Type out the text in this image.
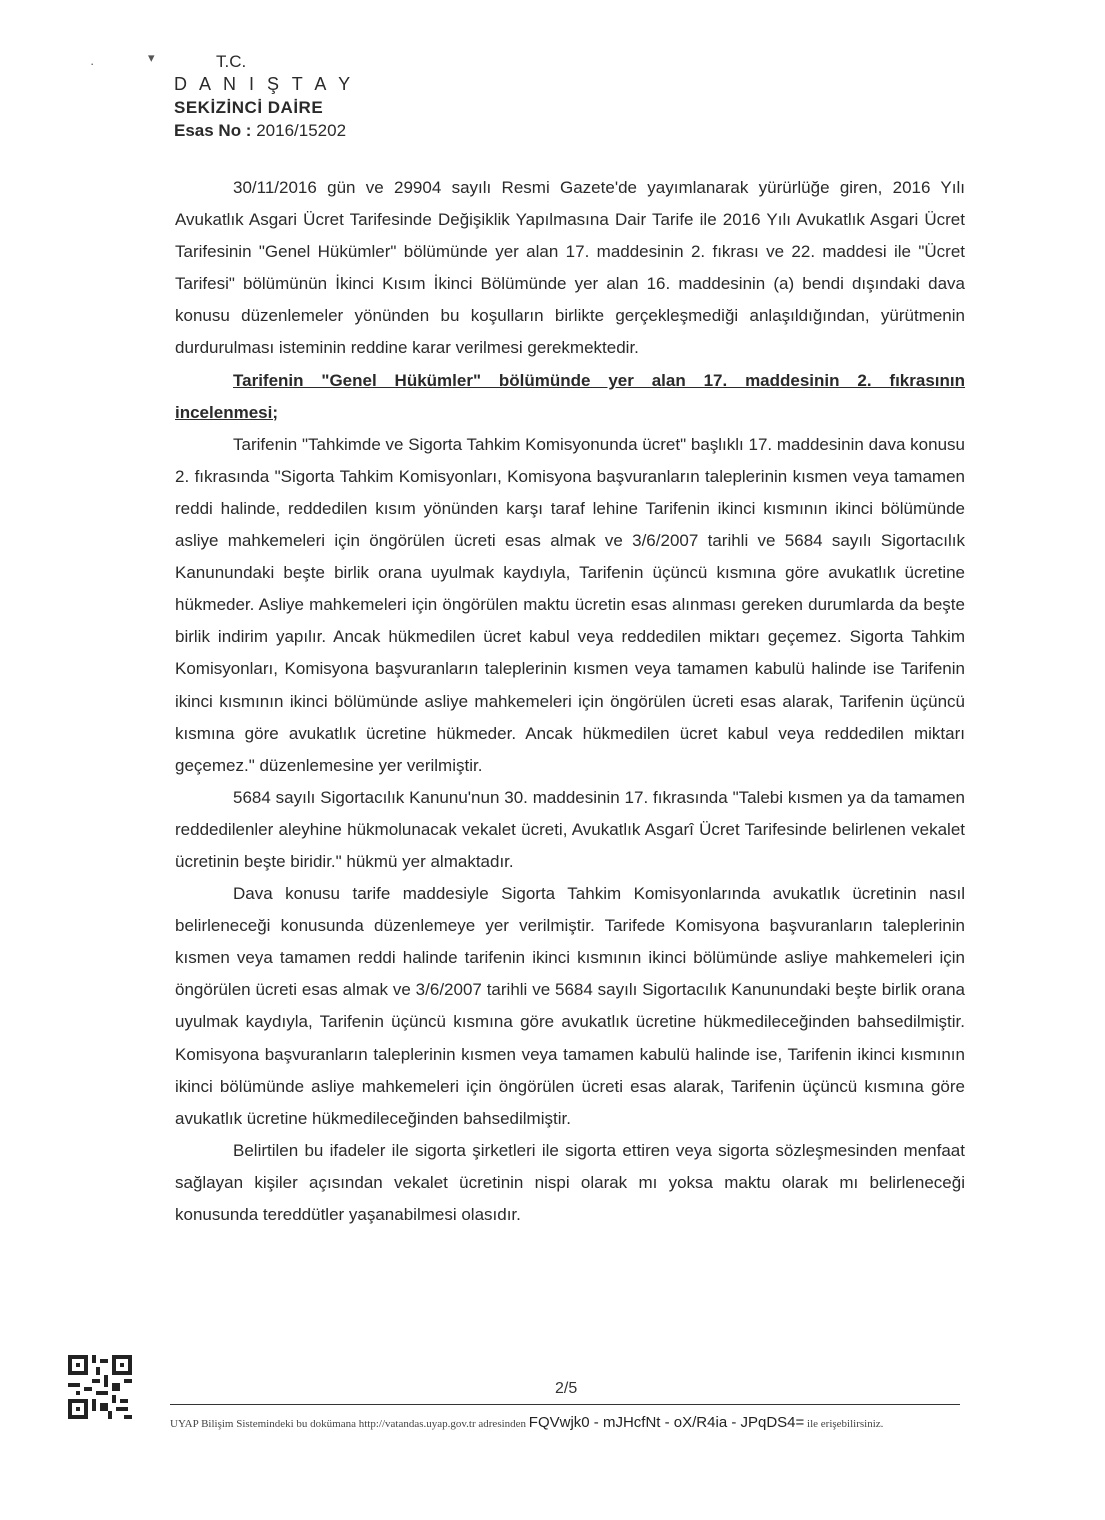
·	▾	T.C.
D A N I Ş T A Y
SEKİZİNCİ DAİRE
Esas No : 2016/15202

30/11/2016 gün ve 29904 sayılı Resmi Gazete'de yayımlanarak yürürlüğe giren, 2016 Yılı Avukatlık Asgari Ücret Tarifesinde Değişiklik Yapılmasına Dair Tarife ile 2016 Yılı Avukatlık Asgari Ücret Tarifesinin "Genel Hükümler" bölümünde yer alan 17. maddesinin 2. fıkrası ve 22. maddesi ile "Ücret Tarifesi" bölümünün İkinci Kısım İkinci Bölümünde yer alan 16. maddesinin (a) bendi dışındaki dava konusu düzenlemeler yönünden bu koşulların birlikte gerçekleşmediği anlaşıldığından, yürütmenin durdurulması isteminin reddine karar verilmesi gerekmektedir.

Tarifenin "Genel Hükümler" bölümünde yer alan 17. maddesinin 2. fıkrasının incelenmesi;

Tarifenin "Tahkimde ve Sigorta Tahkim Komisyonunda ücret" başlıklı 17. maddesinin dava konusu 2. fıkrasında "Sigorta Tahkim Komisyonları, Komisyona başvuranların taleplerinin kısmen veya tamamen reddi halinde, reddedilen kısım yönünden karşı taraf lehine Tarifenin ikinci kısmının ikinci bölümünde asliye mahkemeleri için öngörülen ücreti esas almak ve 3/6/2007 tarihli ve 5684 sayılı Sigortacılık Kanunundaki beşte birlik orana uyulmak kaydıyla, Tarifenin üçüncü kısmına göre avukatlık ücretine hükmeder. Asliye mahkemeleri için öngörülen maktu ücretin esas alınması gereken durumlarda da beşte birlik indirim yapılır. Ancak hükmedilen ücret kabul veya reddedilen miktarı geçemez. Sigorta Tahkim Komisyonları, Komisyona başvuranların taleplerinin kısmen veya tamamen kabulü halinde ise Tarifenin ikinci kısmının ikinci bölümünde asliye mahkemeleri için öngörülen ücreti esas alarak, Tarifenin üçüncü kısmına göre avukatlık ücretine hükmeder. Ancak hükmedilen ücret kabul veya reddedilen miktarı geçemez." düzenlemesine yer verilmiştir.

5684 sayılı Sigortacılık Kanunu'nun 30. maddesinin 17. fıkrasında "Talebi kısmen ya da tamamen reddedilenler aleyhine hükmolunacak vekalet ücreti, Avukatlık Asgarî Ücret Tarifesinde belirlenen vekalet ücretinin beşte biridir." hükmü yer almaktadır.

Dava konusu tarife maddesiyle Sigorta Tahkim Komisyonlarında avukatlık ücretinin nasıl belirleneceği konusunda düzenlemeye yer verilmiştir. Tarifede Komisyona başvuranların taleplerinin kısmen veya tamamen reddi halinde tarifenin ikinci kısmının ikinci bölümünde asliye mahkemeleri için öngörülen ücreti esas almak ve 3/6/2007 tarihli ve 5684 sayılı Sigortacılık Kanunundaki beşte birlik orana uyulmak kaydıyla, Tarifenin üçüncü kısmına göre avukatlık ücretine hükmedileceğinden bahsedilmiştir. Komisyona başvuranların taleplerinin kısmen veya tamamen kabulü halinde ise, Tarifenin ikinci kısmının ikinci bölümünde asliye mahkemeleri için öngörülen ücreti esas alarak, Tarifenin üçüncü kısmına göre avukatlık ücretine hükmedileceğinden bahsedilmiştir.

Belirtilen bu ifadeler ile sigorta şirketleri ile sigorta ettiren veya sigorta sözleşmesinden menfaat sağlayan kişiler açısından vekalet ücretinin nispi olarak mı yoksa maktu olarak mı belirleneceği konusunda tereddütler yaşanabilmesi olasıdır.

2/5
UYAP Bilişim Sistemindeki bu dokümana http://vatandas.uyap.gov.tr adresinden FQVwjk0 - mJHcfNt - oX/R4ia - JPqDS4= ile erişebilirsiniz.
